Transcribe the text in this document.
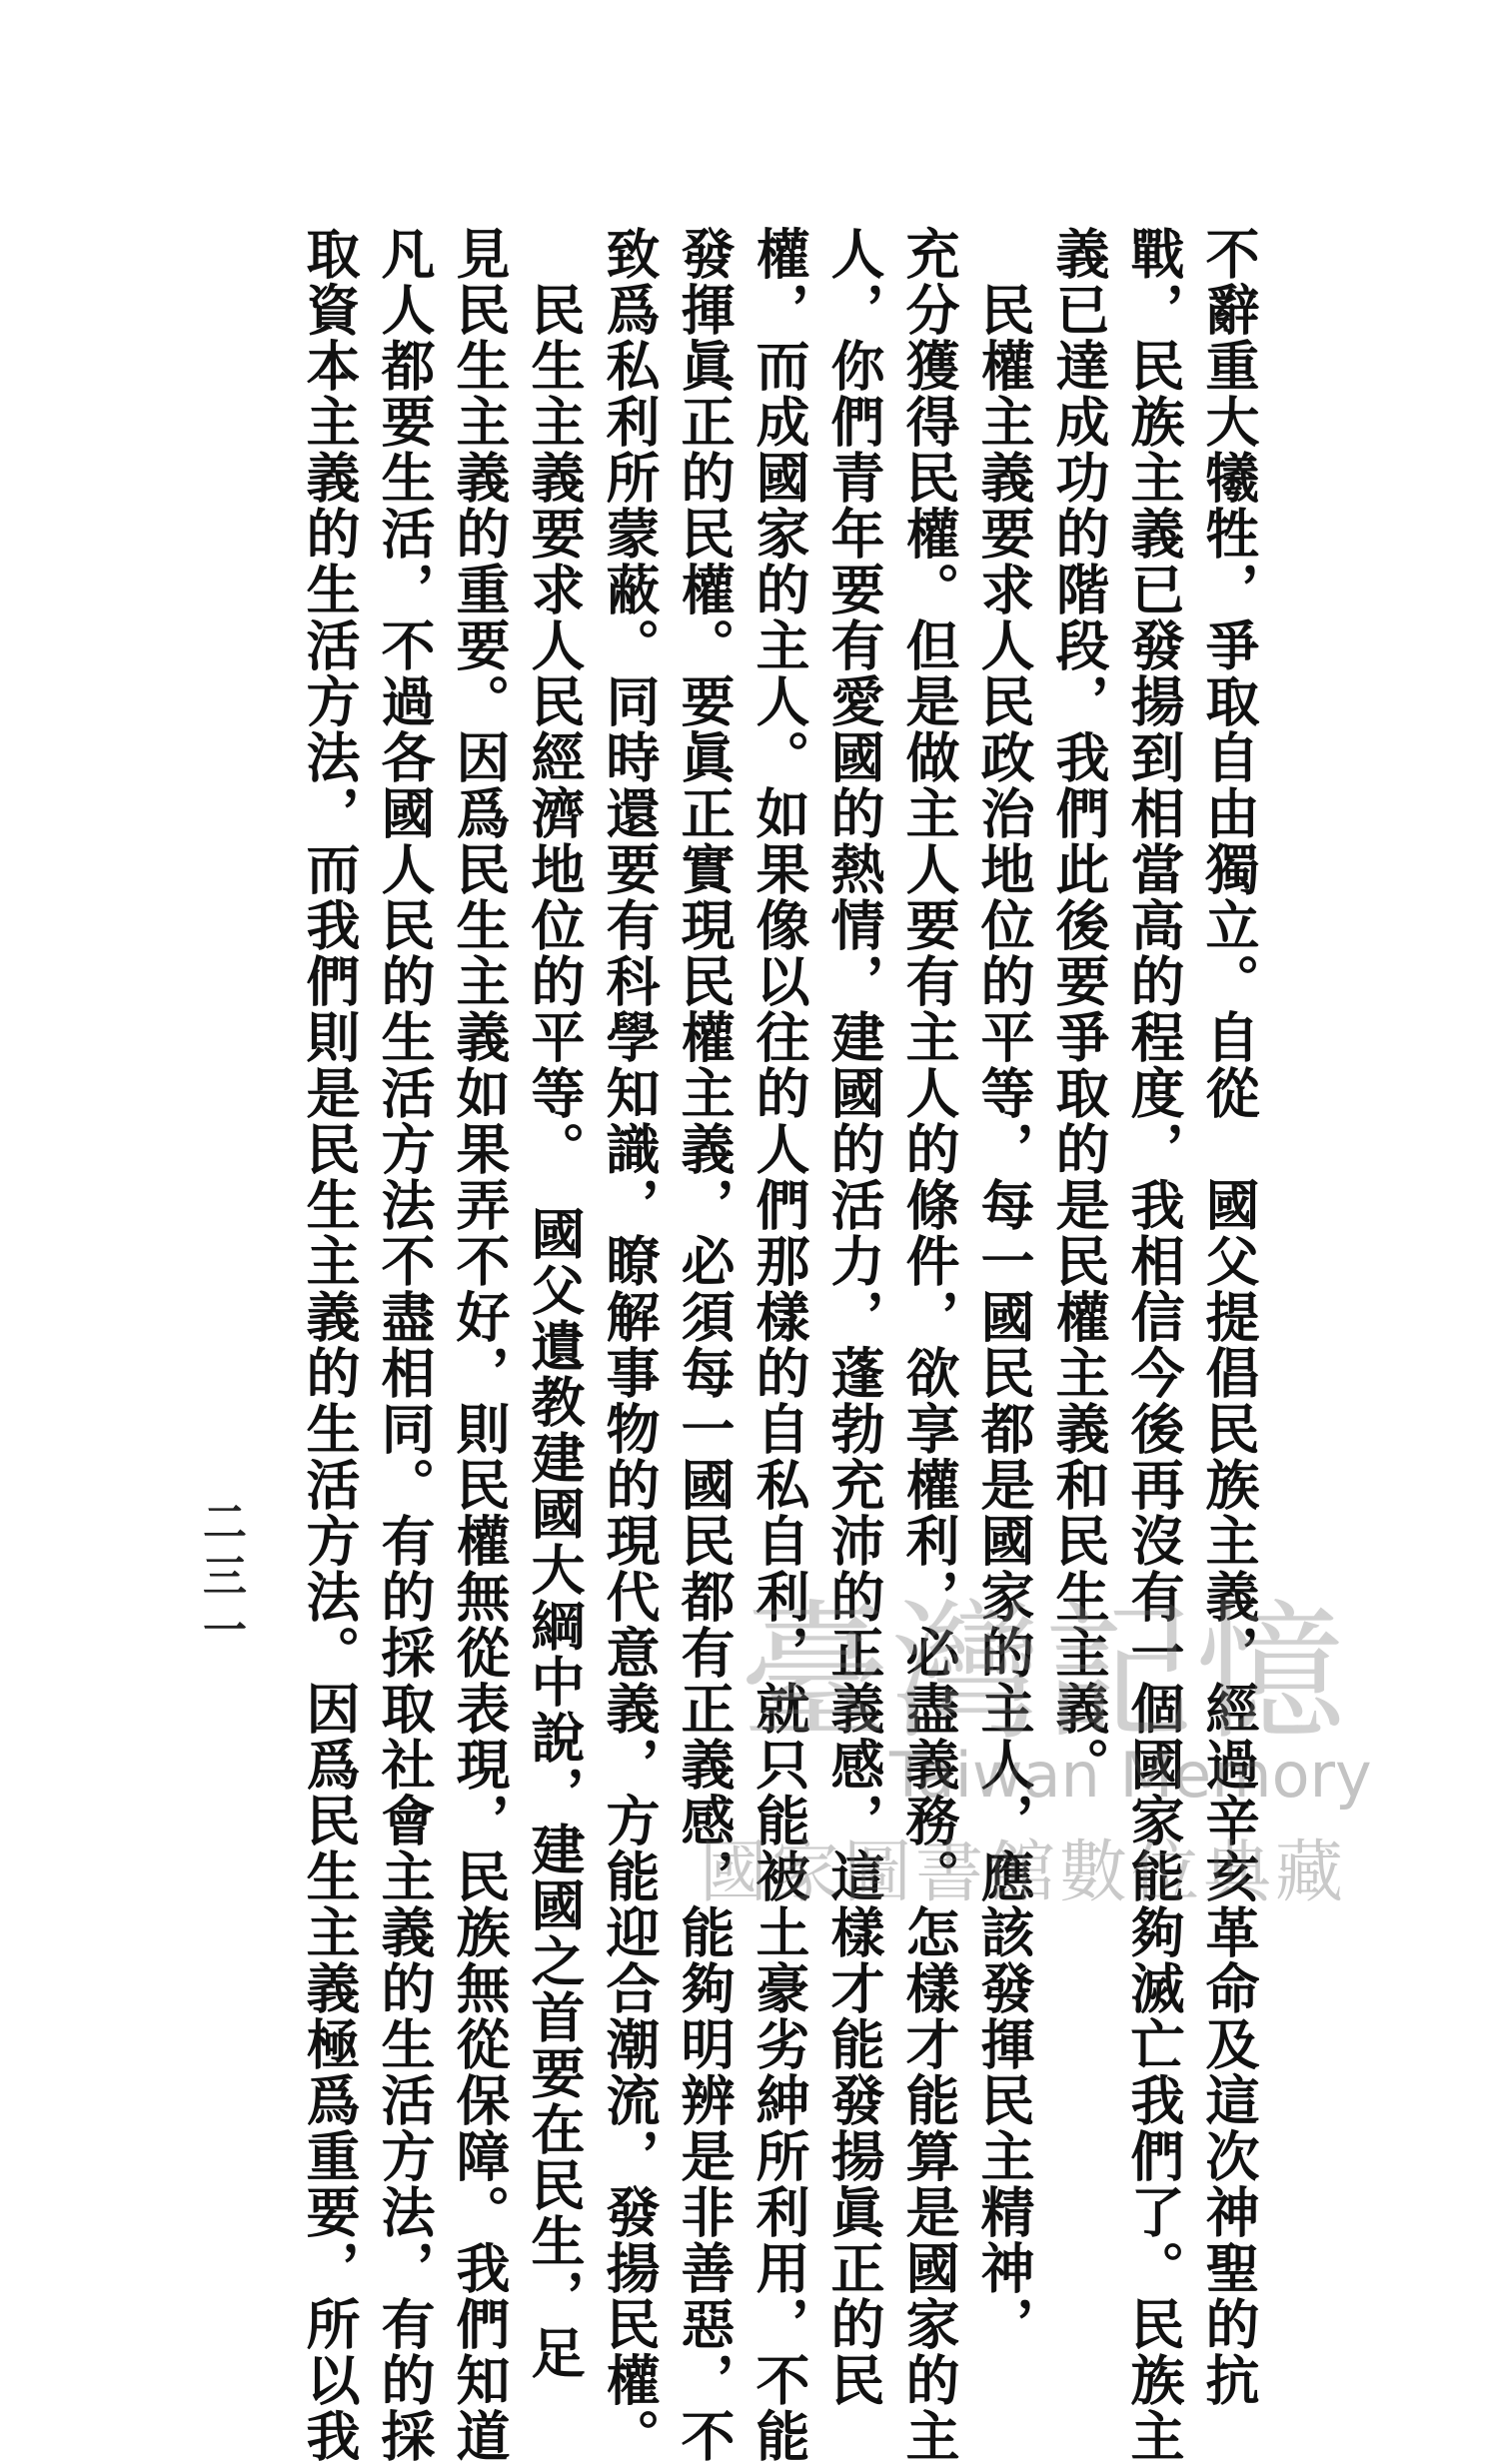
不辭重大犧牲，爭取自由獨立。自從　國父提倡民族主義，經過辛亥革命及這次神聖的抗
戰，民族主義已發揚到相當高的程度，我相信今後再沒有一個國家能夠滅亡我們了。民族主
義已達成功的階段，我們此後要爭取的是民權主義和民生主義。
　民權主義要求人民政治地位的平等，每一國民都是國家的主人，應該發揮民主精神，
充分獲得民權。但是做主人要有主人的條件，欲享權利，必盡義務。怎樣才能算是國家的主
人，你們青年要有愛國的熱情，建國的活力，蓬勃充沛的正義感，這樣才能發揚眞正的民
權，而成國家的主人。如果像以往的人們那樣的自私自利，就只能被土豪劣紳所利用，不能
發揮眞正的民權。要眞正實現民權主義，必須每一國民都有正義感，能夠明辨是非善惡，不
致爲私利所蒙蔽。同時還要有科學知識，瞭解事物的現代意義，方能迎合潮流，發揚民權。
　民生主義要求人民經濟地位的平等。　國父遺教建國大綱中說，建國之首要在民生，足
見民生主義的重要。因爲民生主義如果弄不好，則民權無從表現，民族無從保障。我們知道
凡人都要生活，不過各國人民的生活方法不盡相同。有的採取社會主義的生活方法，有的採
取資本主義的生活方法，而我們則是民生主義的生活方法。因爲民生主義極爲重要，所以我
二三一
臺灣記憶
Taiwan Memory
國家圖書館數位典藏
